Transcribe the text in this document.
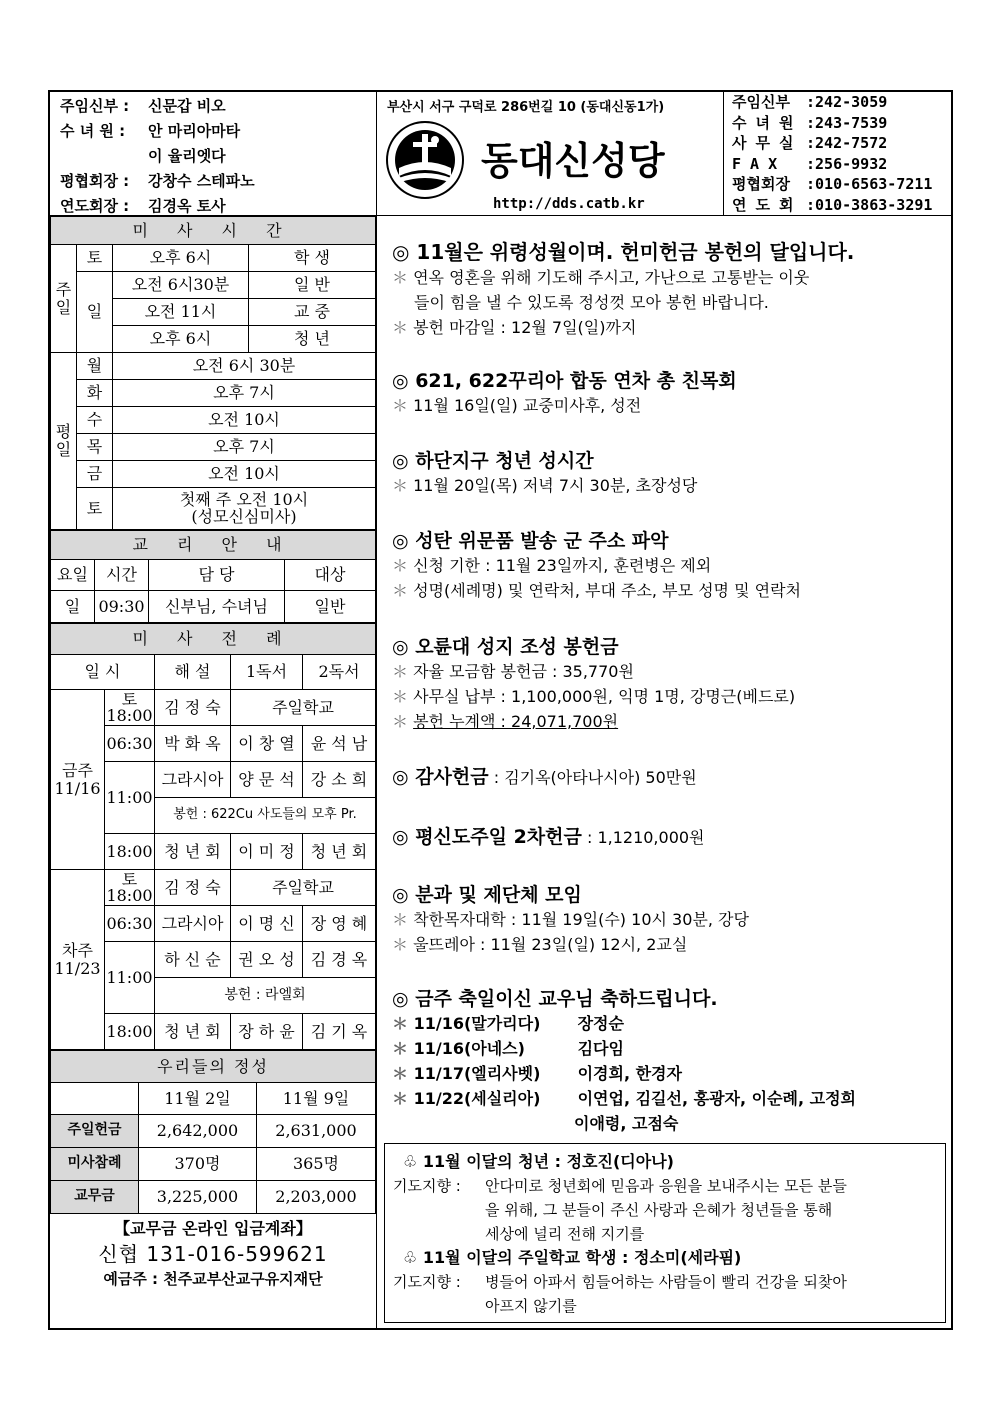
주임신부 : 신문갑 비오
수 녀 원 : 안 마리아마타
이 율리엣다
평협회장 : 강창수 스테파노
연도회장 : 김경옥 토사
부산시 서구 구덕로 286번길 10 (동대신동1가)
동대신성당
http://dds.catb.kr
주임신부 :242-3059
수 녀 원 :243-7539
사 무 실 :242-7572
F A X :256-9932
평협회장 :010-6563-7211
연 도 회 :010-3863-3291
미 사 시 간			
주
일	토	오후 6시	학 생
	일	오전 6시30분	일 반
		오전 11시	교 중
		오후 6시	청 년
평
일	월	오전 6시 30분	
	화	오후 7시	
	수	오전 10시	
	목	오후 7시	
	금	오전 10시	
	토	첫째 주 오전 10시
(성모신심미사)	
교 리 안 내			
요일	시간	담 당	대상
일	09:30	신부님, 수녀님	일반
미 사 전 례				
일 시		해 설	1독서	2독서
금주
11/16	토
18:00	김 정 숙	주일학교	
	06:30	박 화 옥	이 창 열	윤 석 남
	11:00	그라시아	양 문 석	강 소 희
		봉헌 : 622Cu 사도들의 모후 Pr.		
	18:00	청 년 회	이 미 정	청 년 회
차주
11/23	토
18:00	김 정 숙	주일학교	
	06:30	그라시아	이 명 신	장 영 혜
	11:00	하 신 순	권 오 성	김 경 옥
		봉헌 : 라엘회		
	18:00	청 년 회	장 하 윤	김 기 옥
우리들의 정성		
	11월 2일	11월 9일
주일헌금	2,642,000	2,631,000
미사참례	370명	365명
교무금	3,225,000	2,203,000
【교무금 온라인 입금계좌】
신협 131-016-599621
예금주 : 천주교부산교구유지재단
◎ 11월은 위령성월이며. 헌미헌금 봉헌의 달입니다.
＊ 연옥 영혼을 위해 기도해 주시고, 가난으로 고통받는 이웃
들이 힘을 낼 수 있도록 정성껏 모아 봉헌 바랍니다.
＊ 봉헌 마감일 : 12월 7일(일)까지
◎ 621, 622꾸리아 합동 연차 총 친목회
＊ 11월 16일(일) 교중미사후, 성전
◎ 하단지구 청년 성시간
＊ 11월 20일(목) 저녁 7시 30분, 초장성당
◎ 성탄 위문품 발송 군 주소 파악
＊ 신청 기한 : 11월 23일까지, 훈련병은 제외
＊ 성명(세례명) 및 연락처, 부대 주소, 부모 성명 및 연락처
◎ 오륜대 성지 조성 봉헌금
＊ 자율 모금함 봉헌금 : 35,770원
＊ 사무실 납부 : 1,100,000원, 익명 1명, 강명근(베드로)
＊ 봉헌 누계액 : 24,071,700원
◎ 감사헌금 : 김기옥(아타나시아) 50만원
◎ 평신도주일 2차헌금 : 1,1210,000원
◎ 분과 및 제단체 모임
＊ 착한목자대학 : 11월 19일(수) 10시 30분, 강당
＊ 울뜨레아 : 11월 23일(일) 12시, 2교실
◎ 금주 축일이신 교우님 축하드립니다.
＊ 11/16(말가리다) 장정순
＊ 11/16(아네스)	김다임
＊ 11/17(엘리사벳) 이경희, 한경자
＊ 11/22(세실리아) 이연업, 김길선, 홍광자, 이순례, 고정희
이애령, 고점숙
♧ 11월 이달의 청년 : 정호진(디아나)
기도지향 :	안다미로 청년회에 믿음과 응원을 보내주시는 모든 분들
을 위해, 그 분들이 주신 사랑과 은혜가 청년들을 통해
세상에 널리 전해 지기를
♧ 11월 이달의 주일학교 학생 : 정소미(세라핌)
기도지향 :	병들어 아파서 힘들어하는 사람들이 빨리 건강을 되찾아
아프지 않기를
